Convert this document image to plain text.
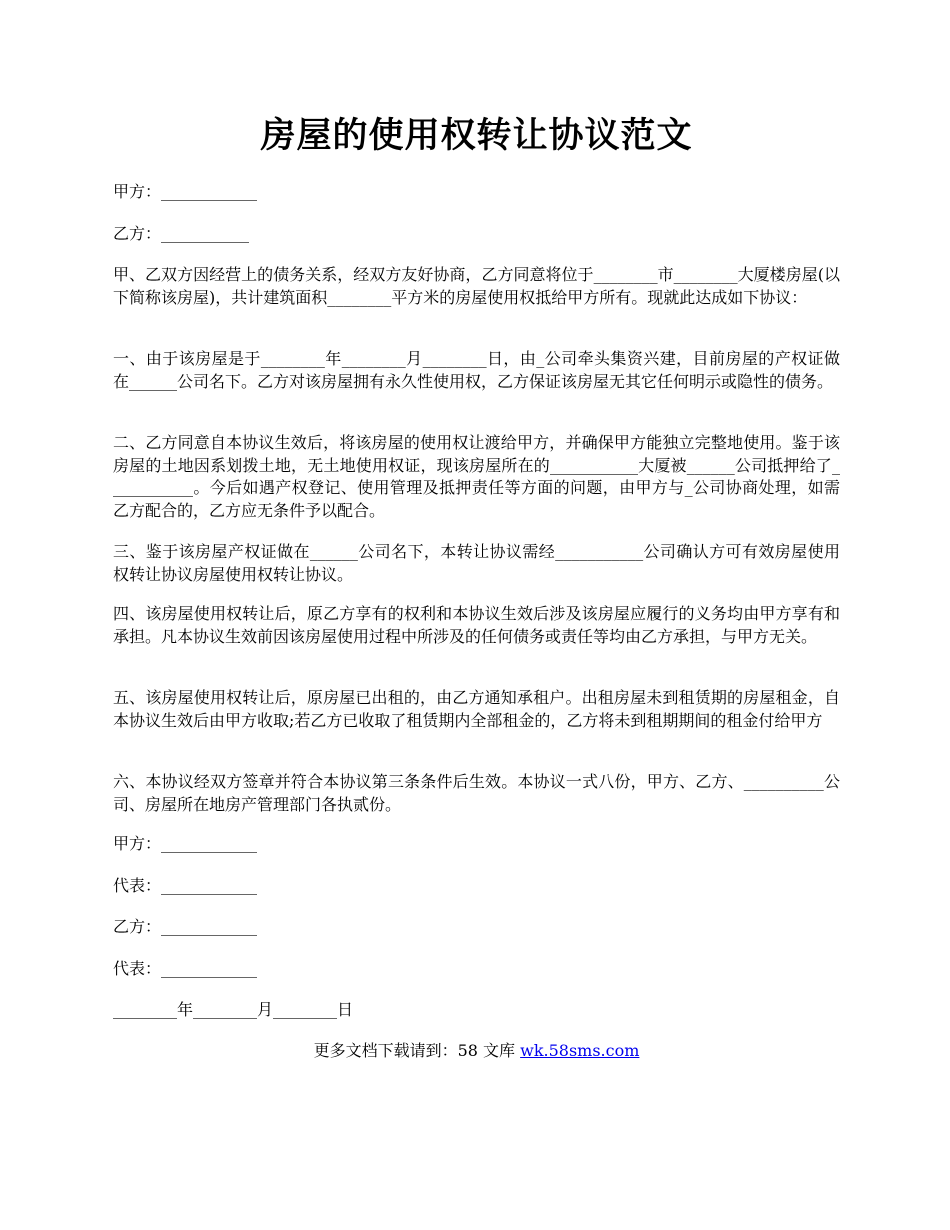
房屋的使用权转让协议范文
甲方：____________
乙方：___________
甲、乙双方因经营上的债务关系，经双方友好协商，乙方同意将位于________市________大厦楼房屋(以下简称该房屋)，共计建筑面积________平方米的房屋使用权抵给甲方所有。现就此达成如下协议：
一、由于该房屋是于________年________月________日，由_公司牵头集资兴建，目前房屋的产权证做在______公司名下。乙方对该房屋拥有永久性使用权，乙方保证该房屋无其它任何明示或隐性的债务。
二、乙方同意自本协议生效后，将该房屋的使用权让渡给甲方，并确保甲方能独立完整地使用。鉴于该房屋的土地因系划拨土地，无土地使用权证，现该房屋所在的___________大厦被______公司抵押给了___________。今后如遇产权登记、使用管理及抵押责任等方面的问题，由甲方与_公司协商处理，如需乙方配合的，乙方应无条件予以配合。
三、鉴于该房屋产权证做在______公司名下，本转让协议需经___________公司确认方可有效房屋使用权转让协议房屋使用权转让协议。
四、该房屋使用权转让后，原乙方享有的权利和本协议生效后涉及该房屋应履行的义务均由甲方享有和承担。凡本协议生效前因该房屋使用过程中所涉及的任何债务或责任等均由乙方承担，与甲方无关。
五、该房屋使用权转让后，原房屋已出租的，由乙方通知承租户。出租房屋未到租赁期的房屋租金，自本协议生效后由甲方收取;若乙方已收取了租赁期内全部租金的，乙方将未到租期期间的租金付给甲方
六、本协议经双方签章并符合本协议第三条条件后生效。本协议一式八份，甲方、乙方、__________公司、房屋所在地房产管理部门各执贰份。
甲方：____________
代表：____________
乙方：____________
代表：____________
________年________月________日
更多文档下载请到：58 文库 wk.58sms.com
